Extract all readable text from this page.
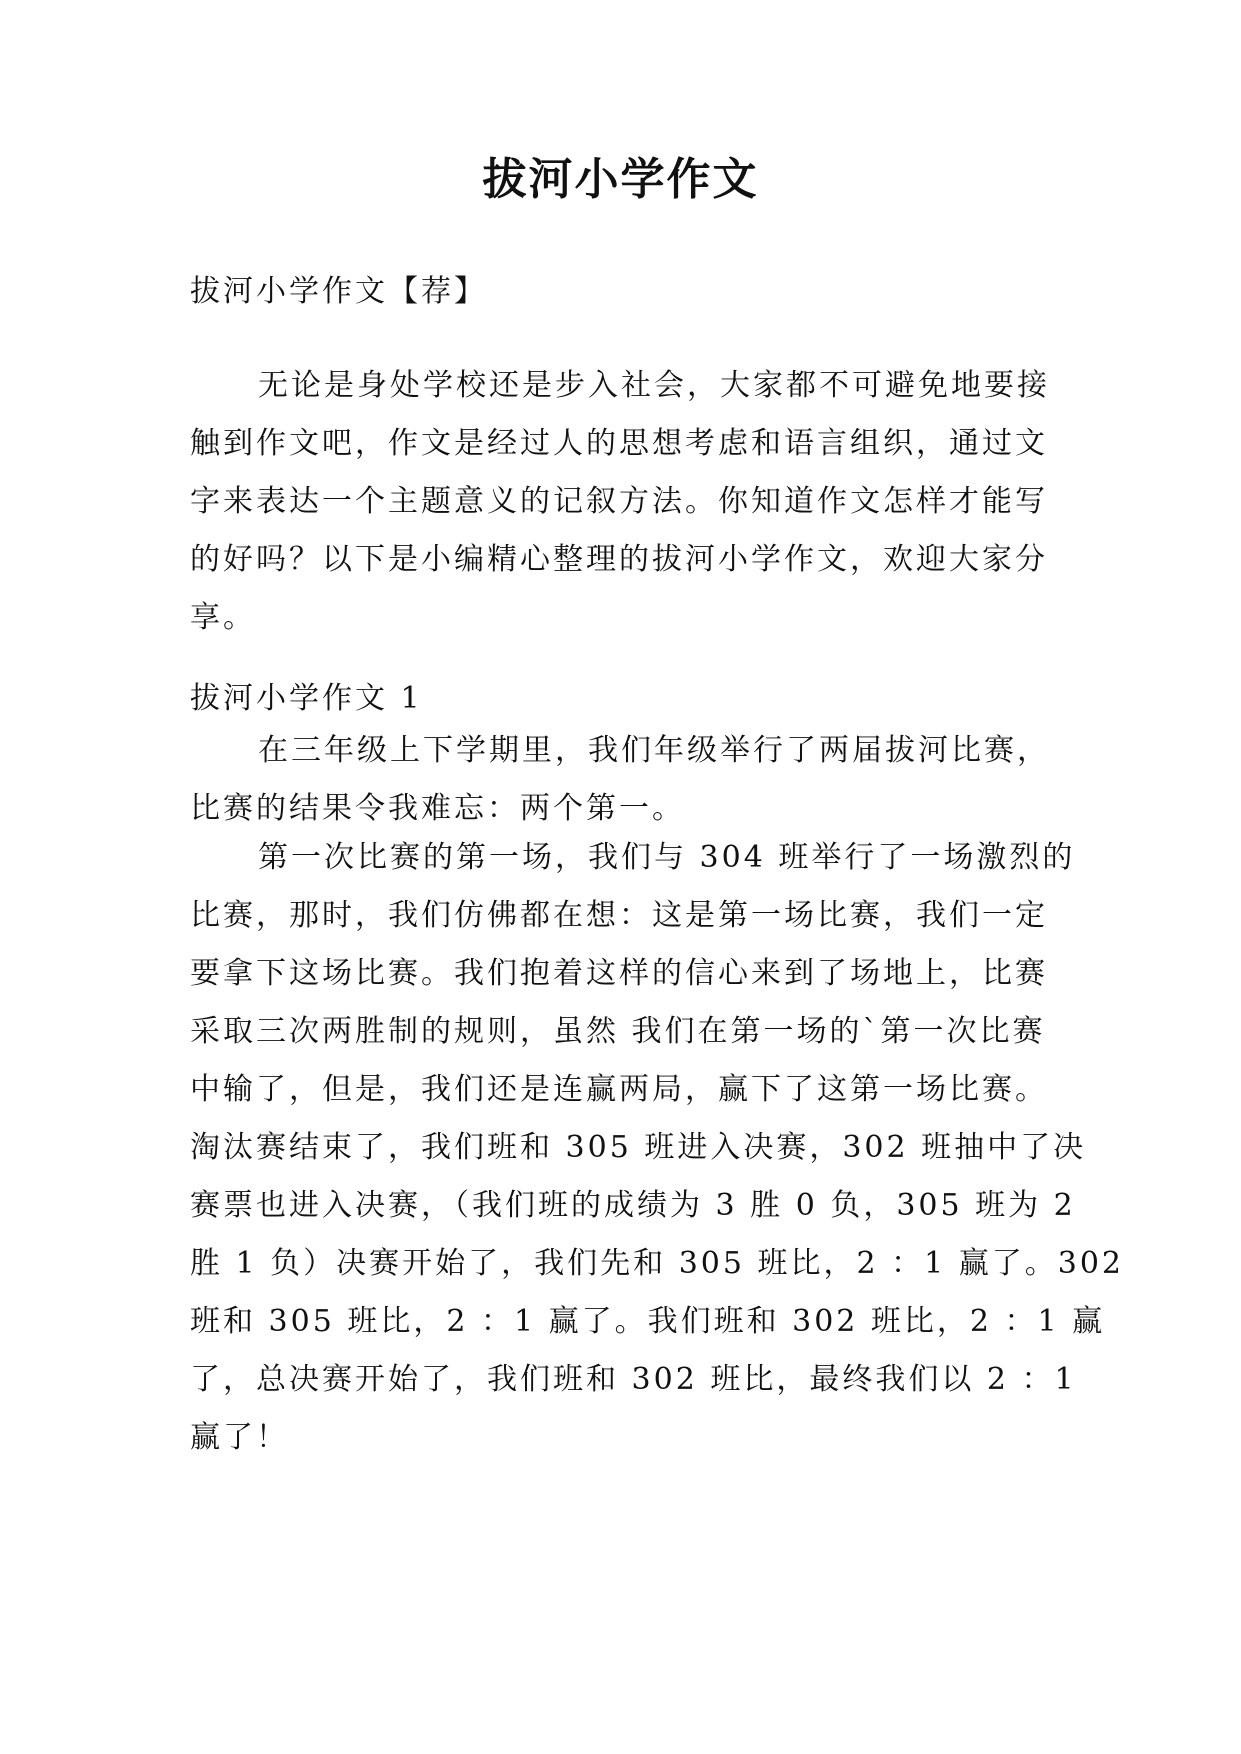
拔河小学作文

拔河小学作文【荐】

无论是身处学校还是步入社会，大家都不可避免地要接
触到作文吧，作文是经过人的思想考虑和语言组织，通过文
字来表达一个主题意义的记叙方法。你知道作文怎样才能写
的好吗？以下是小编精心整理的拔河小学作文，欢迎大家分
享。

拔河小学作文 1

在三年级上下学期里，我们年级举行了两届拔河比赛，
比赛的结果令我难忘：两个第一。
第一次比赛的第一场，我们与 304 班举行了一场激烈的
比赛，那时，我们仿佛都在想：这是第一场比赛，我们一定
要拿下这场比赛。我们抱着这样的信心来到了场地上，比赛
采取三次两胜制的规则，虽然 我们在第一场的`第一次比赛
中输了，但是，我们还是连赢两局，赢下了这第一场比赛。
淘汰赛结束了，我们班和 305 班进入决赛，302 班抽中了决
赛票也进入决赛，（我们班的成绩为 3 胜 0 负，305 班为 2
胜 1 负）决赛开始了，我们先和 305 班比，2 ：1 赢了。302
班和 305 班比，2 ：1 赢了。我们班和 302 班比，2 ：1 赢
了，总决赛开始了，我们班和 302 班比，最终我们以 2 ：1
赢了！
